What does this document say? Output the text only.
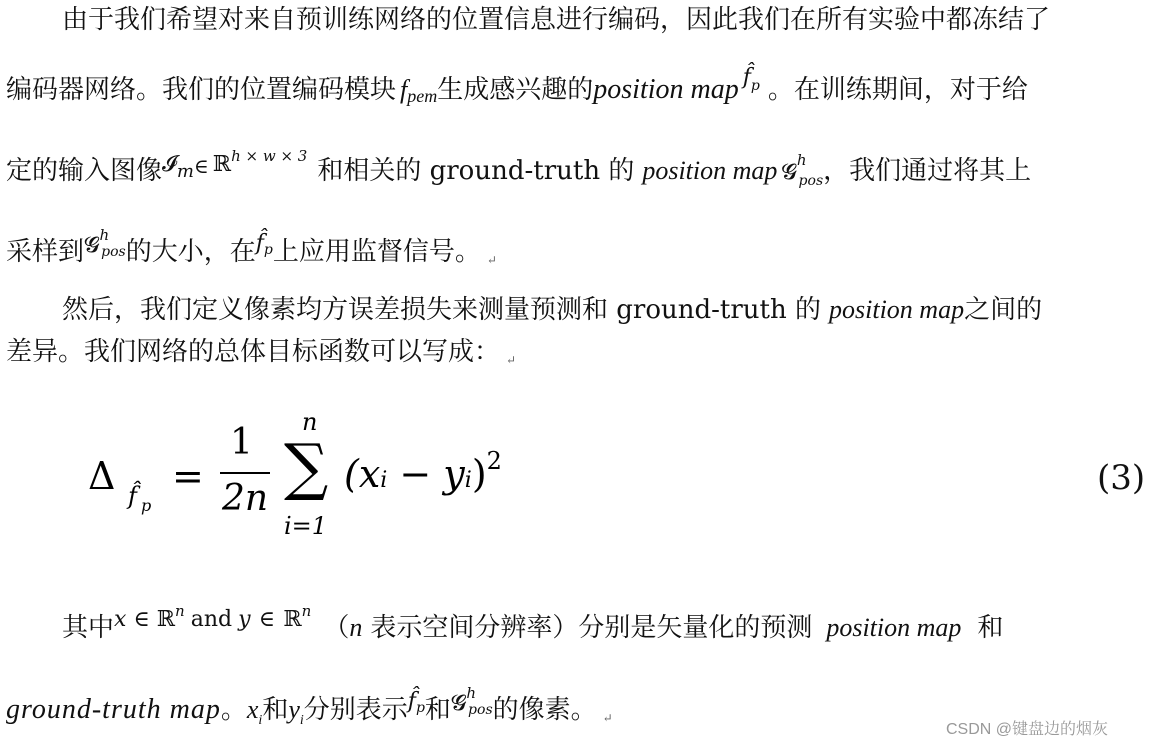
由于我们希望对来自预训练网络的位置信息进行编码，因此我们在所有实验中都冻结了
编码器网络。我们的位置编码模块 fpem生成感兴趣的position map $^{f̂p}$ 。在训练期间，对于给
定的输入图像$^𝓘$m∈ $^{ℝh \times w \times 3}$ 和相关的 ground-truth 的 position map 𝓖$^h_{pos}$，我们通过将其上
采样到$^{𝓖h}$pos的大小，在$^{f̂p}$上应用监督信号。 ↵
然后，我们定义像素均方误差损失来测量预测和 ground-truth 的 position map之间的
差异。我们网络的总体目标函数可以写成： ↵
Δ f̂ p
=
1
2n
n
∑
i=1
(xi − yi)$^2$	(3)
其中x ∈ ℝ$^n$ $^{and}$ $^y$ ∈ $^{ℝn}$（n 表示空间分辨率）分别是矢量化的预测 position map 和
ground-truth map。$x_i$和$y_i$分别表示$^{f̂p}$和$^{𝓖h}$pos的像素。 ↵
CSDN @键盘边的烟灰
